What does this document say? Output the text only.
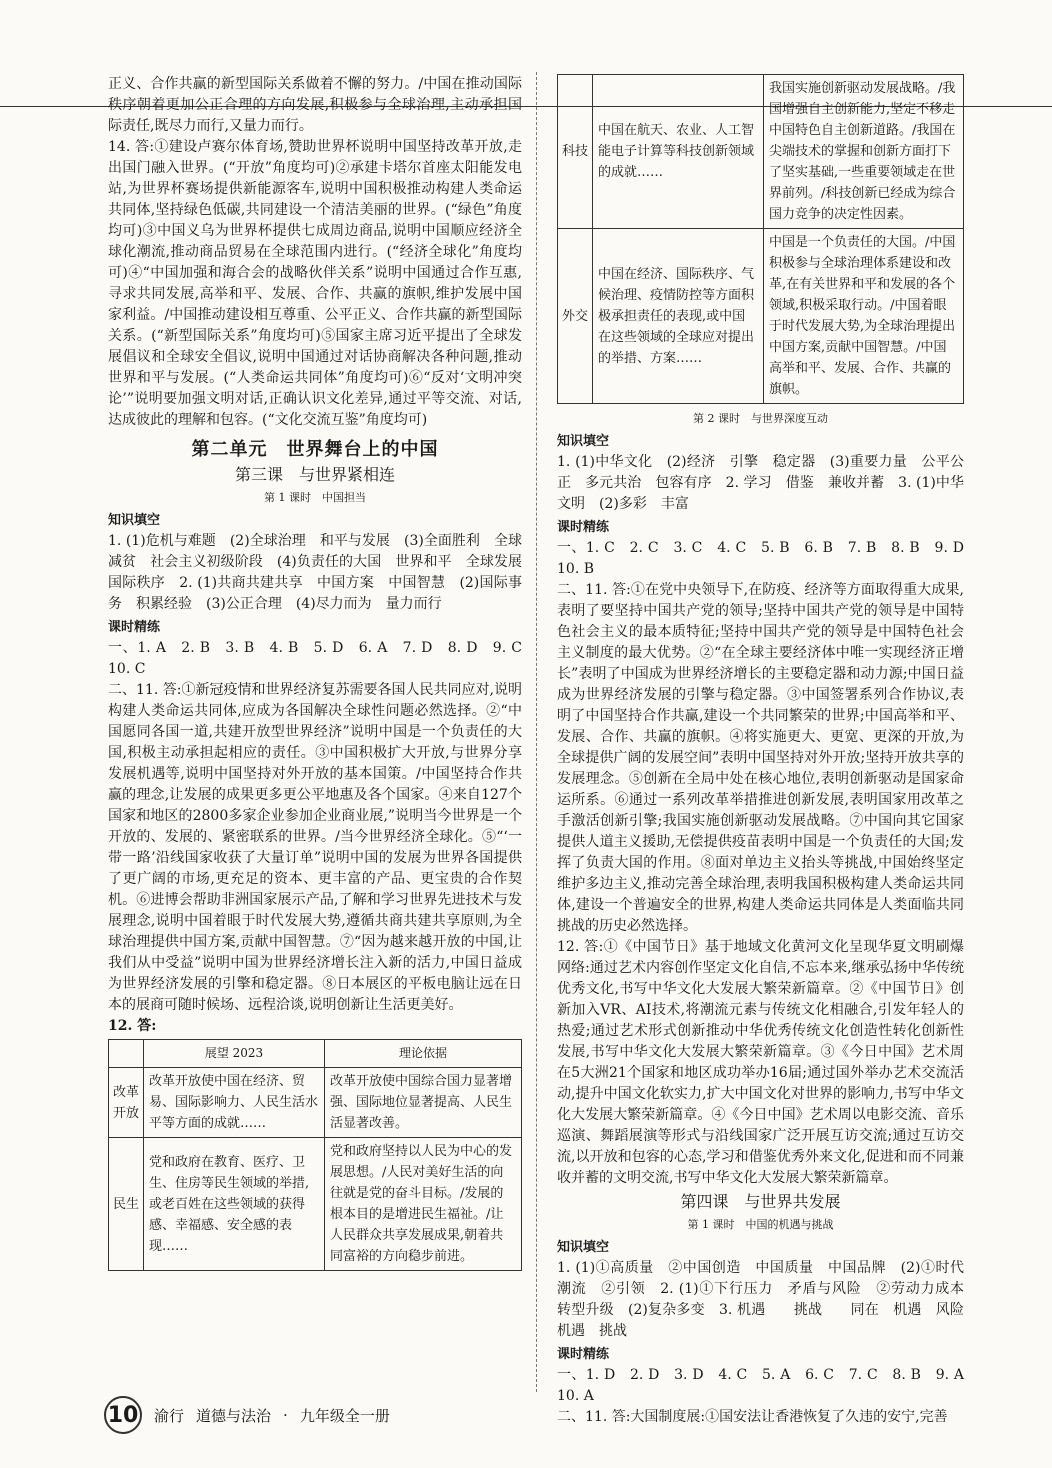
正义、合作共赢的新型国际关系做着不懈的努力。/中国在推动国际秩序朝着更加公正合理的方向发展,积极参与全球治理,主动承担国际责任,既尽力而行,又量力而行。

14. 答:①建设卢赛尔体育场,赞助世界杯说明中国坚持改革开放,走出国门融入世界。(“开放”角度均可)②承建卡塔尔首座太阳能发电站,为世界杯赛场提供新能源客车,说明中国积极推动构建人类命运共同体,坚持绿色低碳,共同建设一个清洁美丽的世界。(“绿色”角度均可)③中国义乌为世界杯提供七成周边商品,说明中国顺应经济全球化潮流,推动商品贸易在全球范围内进行。(“经济全球化”角度均可)④“中国加强和海合会的战略伙伴关系”说明中国通过合作互惠,寻求共同发展,高举和平、发展、合作、共赢的旗帜,维护发展中国家利益。/中国推动建设相互尊重、公平正义、合作共赢的新型国际关系。(“新型国际关系”角度均可)⑤国家主席习近平提出了全球发展倡议和全球安全倡议,说明中国通过对话协商解决各种问题,推动世界和平与发展。(“人类命运共同体”角度均可)⑥“反对‘文明冲突论’”说明要加强文明对话,正确认识文化差异,通过平等交流、对话,达成彼此的理解和包容。(“文化交流互鉴”角度均可)

第二单元　世界舞台上的中国
第三课　与世界紧相连
第 1 课时　中国担当
知识填空

1. (1)危机与难题　(2)全球治理　和平与发展　(3)全面胜利　全球减贫　社会主义初级阶段　(4)负责任的大国　世界和平　全球发展　国际秩序　2. (1)共商共建共享　中国方案　中国智慧　(2)国际事务　积累经验　(3)公正合理　(4)尽力而为　量力而行

课时精练

一、1. A　2. B　3. B　4. B　5. D　6. A　7. D　8. D　9. C　10. C

二、11. 答:①新冠疫情和世界经济复苏需要各国人民共同应对,说明构建人类命运共同体,应成为各国解决全球性问题必然选择。②“中国愿同各国一道,共建开放型世界经济”说明中国是一个负责任的大国,积极主动承担起相应的责任。③中国积极扩大开放,与世界分享发展机遇等,说明中国坚持对外开放的基本国策。/中国坚持合作共赢的理念,让发展的成果更多更公平地惠及各个国家。④来自127个国家和地区的2800多家企业参加企业商业展,”说明当今世界是一个开放的、发展的、紧密联系的世界。/当今世界经济全球化。⑤“‘一带一路’沿线国家收获了大量订单”说明中国的发展为世界各国提供了更广阔的市场,更充足的资本、更丰富的产品、更宝贵的合作契机。⑥进博会帮助非洲国家展示产品,了解和学习世界先进技术与发展理念,说明中国着眼于时代发展大势,遵循共商共建共享原则,为全球治理提供中国方案,贡献中国智慧。⑦“因为越来越开放的中国,让我们从中受益”说明中国为世界经济增长注入新的活力,中国日益成为世界经济发展的引擎和稳定器。⑧日本展区的平板电脑让远在日本的展商可随时候场、远程洽谈,说明创新让生活更美好。

12. 答:

	展望 2023	理论依据
改革开放	改革开放使中国在经济、贸易、国际影响力、人民生活水平等方面的成就……	改革开放使中国综合国力显著增强、国际地位显著提高、人民生活显著改善。
民生	党和政府在教育、医疗、卫生、住房等民生领域的举措,或老百姓在这些领域的获得感、幸福感、安全感的表现……	党和政府坚持以人民为中心的发展思想。/人民对美好生活的向往就是党的奋斗目标。/发展的根本目的是增进民生福祉。/让人民群众共享发展成果,朝着共同富裕的方向稳步前进。
科技	中国在航天、农业、人工智能电子计算等科技创新领域的成就……	我国实施创新驱动发展战略。/我国增强自主创新能力,坚定不移走中国特色自主创新道路。/我国在尖端技术的掌握和创新方面打下了坚实基础,一些重要领域走在世界前列。/科技创新已经成为综合国力竞争的决定性因素。
外交	中国在经济、国际秩序、气候治理、疫情防控等方面积极承担责任的表现,或中国在这些领域的全球应对提出的举措、方案……	中国是一个负责任的大国。/中国积极参与全球治理体系建设和改革,在有关世界和平和发展的各个领域,积极采取行动。/中国着眼于时代发展大势,为全球治理提出中国方案,贡献中国智慧。/中国高举和平、发展、合作、共赢的旗帜。
第 2 课时　与世界深度互动
知识填空

1. (1)中华文化　(2)经济　引擎　稳定器　(3)重要力量　公平公正　多元共治　包容有序　2. 学习　借鉴　兼收并蓄　3. (1)中华文明　(2)多彩　丰富

课时精练

一、1. C　2. C　3. C　4. C　5. B　6. B　7. B　8. B　9. D　10. B

二、11. 答:①在党中央领导下,在防疫、经济等方面取得重大成果,表明了要坚持中国共产党的领导;坚持中国共产党的领导是中国特色社会主义的最本质特征;坚持中国共产党的领导是中国特色社会主义制度的最大优势。②“在全球主要经济体中唯一实现经济正增长”表明了中国成为世界经济增长的主要稳定器和动力源;中国日益成为世界经济发展的引擎与稳定器。③中国签署系列合作协议,表明了中国坚持合作共赢,建设一个共同繁荣的世界;中国高举和平、发展、合作、共赢的旗帜。④将实施更大、更宽、更深的开放,为全球提供广阔的发展空间”表明中国坚持对外开放;坚持开放共享的发展理念。⑤创新在全局中处在核心地位,表明创新驱动是国家命运所系。⑥通过一系列改革举措推进创新发展,表明国家用改革之手激活创新引擎;我国实施创新驱动发展战略。⑦中国向其它国家提供人道主义援助,无偿提供疫苗表明中国是一个负责任的大国;发挥了负责大国的作用。⑧面对单边主义抬头等挑战,中国始终坚定维护多边主义,推动完善全球治理,表明我国积极构建人类命运共同体,建设一个普遍安全的世界,构建人类命运共同体是人类面临共同挑战的历史必然选择。

12. 答:①《中国节日》基于地域文化黄河文化呈现华夏文明刷爆网络:通过艺术内容创作坚定文化自信,不忘本来,继承弘扬中华传统优秀文化,书写中华文化大发展大繁荣新篇章。②《中国节日》创新加入VR、AI技术,将潮流元素与传统文化相融合,引发年轻人的热爱;通过艺术形式创新推动中华优秀传统文化创造性转化创新性发展,书写中华文化大发展大繁荣新篇章。③《今日中国》艺术周在5大洲21个国家和地区成功举办16届;通过国外举办艺术交流活动,提升中国文化软实力,扩大中国文化对世界的影响力,书写中华文化大发展大繁荣新篇章。④《今日中国》艺术周以电影交流、音乐巡演、舞蹈展演等形式与沿线国家广泛开展互访交流;通过互访交流,以开放和包容的心态,学习和借鉴优秀外来文化,促进和而不同兼收并蓄的文明交流,书写中华文化大发展大繁荣新篇章。

第四课　与世界共发展
第 1 课时　中国的机遇与挑战
知识填空

1. (1)①高质量　②中国创造　中国质量　中国品牌　(2)①时代潮流　②引领　2. (1)①下行压力　矛盾与风险　②劳动力成本　转型升级　(2)复杂多变　3. 机遇　　挑战　　同在　机遇　风险　机遇　挑战

课时精练

一、1. D　2. D　3. D　4. C　5. A　6. C　7. C　8. B　9. A　10. A

二、11. 答:大国制度展:①国安法让香港恢复了久违的安宁,完善

10 渝行 道德与法治 · 九年级全一册
